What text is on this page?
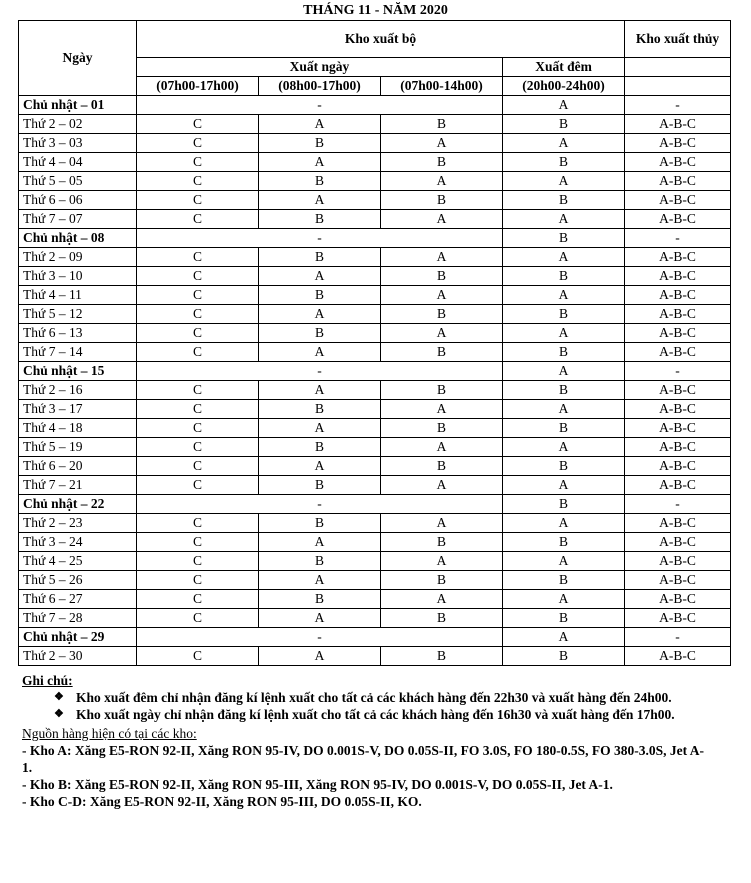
THÁNG 11 - NĂM 2020
Ngày	Kho xuất bộ				Kho xuất thủy
	Xuất ngày			Xuất đêm	
	(07h00-17h00)	(08h00-17h00)	(07h00-14h00)	(20h00-24h00)	
Chủ nhật – 01	-			A	-
Thứ 2 – 02	C	A	B	B	A-B-C
Thứ 3 – 03	C	B	A	A	A-B-C
Thứ 4 – 04	C	A	B	B	A-B-C
Thứ 5 – 05	C	B	A	A	A-B-C
Thứ 6 – 06	C	A	B	B	A-B-C
Thứ 7 – 07	C	B	A	A	A-B-C
Chủ nhật – 08	-			B	-
Thứ 2 – 09	C	B	A	A	A-B-C
Thứ 3 – 10	C	A	B	B	A-B-C
Thứ 4 – 11	C	B	A	A	A-B-C
Thứ 5 – 12	C	A	B	B	A-B-C
Thứ 6 – 13	C	B	A	A	A-B-C
Thứ 7 – 14	C	A	B	B	A-B-C
Chủ nhật – 15	-			A	-
Thứ 2 – 16	C	A	B	B	A-B-C
Thứ 3 – 17	C	B	A	A	A-B-C
Thứ 4 – 18	C	A	B	B	A-B-C
Thứ 5 – 19	C	B	A	A	A-B-C
Thứ 6 – 20	C	A	B	B	A-B-C
Thứ 7 – 21	C	B	A	A	A-B-C
Chủ nhật – 22	-			B	-
Thứ 2 – 23	C	B	A	A	A-B-C
Thứ 3 – 24	C	A	B	B	A-B-C
Thứ 4 – 25	C	B	A	A	A-B-C
Thứ 5 – 26	C	A	B	B	A-B-C
Thứ 6 – 27	C	B	A	A	A-B-C
Thứ 7 – 28	C	A	B	B	A-B-C
Chủ nhật – 29	-			A	-
Thứ 2 – 30	C	A	B	B	A-B-C

Ghi chú:

❖ Kho xuất đêm chỉ nhận đăng kí lệnh xuất cho tất cả các khách hàng đến 22h30 và xuất hàng đến 24h00.
❖ Kho xuất ngày chỉ nhận đăng kí lệnh xuất cho tất cả các khách hàng đến 16h30 và xuất hàng đến 17h00.

Nguồn hàng hiện có tại các kho:

- Kho A: Xăng E5-RON 92-II, Xăng RON 95-IV, DO 0.001S-V, DO 0.05S-II, FO 3.0S, FO 180-0.5S, FO 380-3.0S, Jet A-1.

- Kho B: Xăng E5-RON 92-II, Xăng RON 95-III, Xăng RON 95-IV, DO 0.001S-V, DO 0.05S-II, Jet A-1.

- Kho C-D: Xăng E5-RON 92-II, Xăng RON 95-III, DO 0.05S-II, KO.
